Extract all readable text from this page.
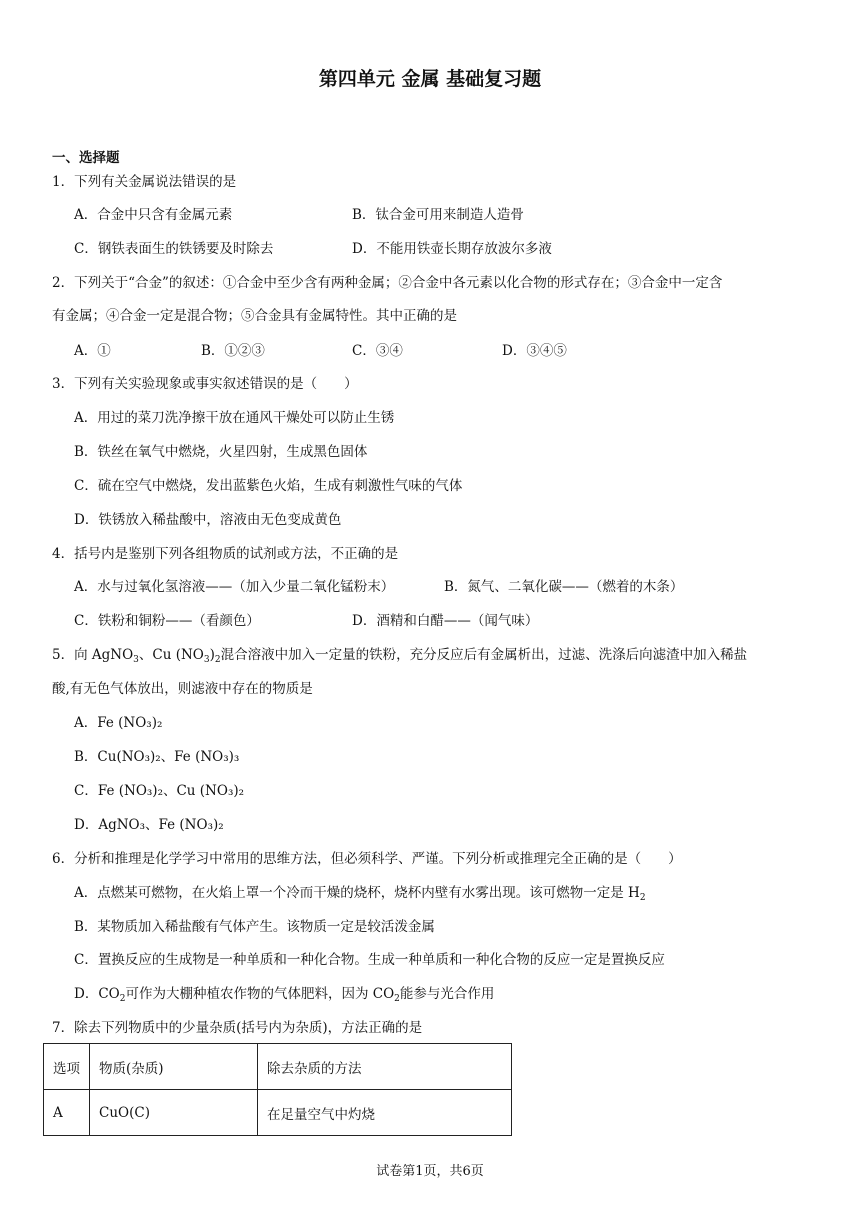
第四单元 金属 基础复习题
一、选择题
1．下列有关金属说法错误的是
A．合金中只含有金属元素	B．钛合金可用来制造人造骨
C．钢铁表面生的铁锈要及时除去	D．不能用铁壶长期存放波尔多液
2．下列关于“合金”的叙述：①合金中至少含有两种金属；②合金中各元素以化合物的形式存在；③合金中一定含
有金属；④合金一定是混合物；⑤合金具有金属特性。其中正确的是
A．①	B．①②③	C．③④	D．③④⑤
3．下列有关实验现象或事实叙述错误的是（　　）
A．用过的菜刀洗净擦干放在通风干燥处可以防止生锈
B．铁丝在氧气中燃烧，火星四射，生成黑色固体
C．硫在空气中燃烧，发出蓝紫色火焰，生成有刺激性气味的气体
D．铁锈放入稀盐酸中，溶液由无色变成黄色
4．括号内是鉴别下列各组物质的试剂或方法，不正确的是
A．水与过氧化氢溶液——（加入少量二氧化锰粉末）	B．氮气、二氧化碳——（燃着的木条）
C．铁粉和铜粉——（看颜色）	D．酒精和白醋——（闻气味）
5．向 AgNO$_3$、Cu $(NO_3)_2$混合溶液中加入一定量的铁粉，充分反应后有金属析出，过滤、洗涤后向滤渣中加入稀盐
酸,有无色气体放出，则滤液中存在的物质是
A．Fe (NO₃)₂
B．Cu(NO₃)₂、Fe (NO₃)₃
C．Fe (NO₃)₂、Cu (NO₃)₂
D．AgNO₃、Fe (NO₃)₂
6．分析和推理是化学学习中常用的思维方法，但必须科学、严谨。下列分析或推理完全正确的是（　　）
A．点燃某可燃物，在火焰上罩一个冷而干燥的烧杯，烧杯内壁有水雾出现。该可燃物一定是 $H_2$
B．某物质加入稀盐酸有气体产生。该物质一定是较活泼金属
C．置换反应的生成物是一种单质和一种化合物。生成一种单质和一种化合物的反应一定是置换反应
D．$CO_2$可作为大棚种植农作物的气体肥料，因为 $CO_2$能参与光合作用
7．除去下列物质中的少量杂质(括号内为杂质)，方法正确的是
选项	物质(杂质)	除去杂质的方法
A	CuO(C)	在足量空气中灼烧
试卷第1页，共6页
